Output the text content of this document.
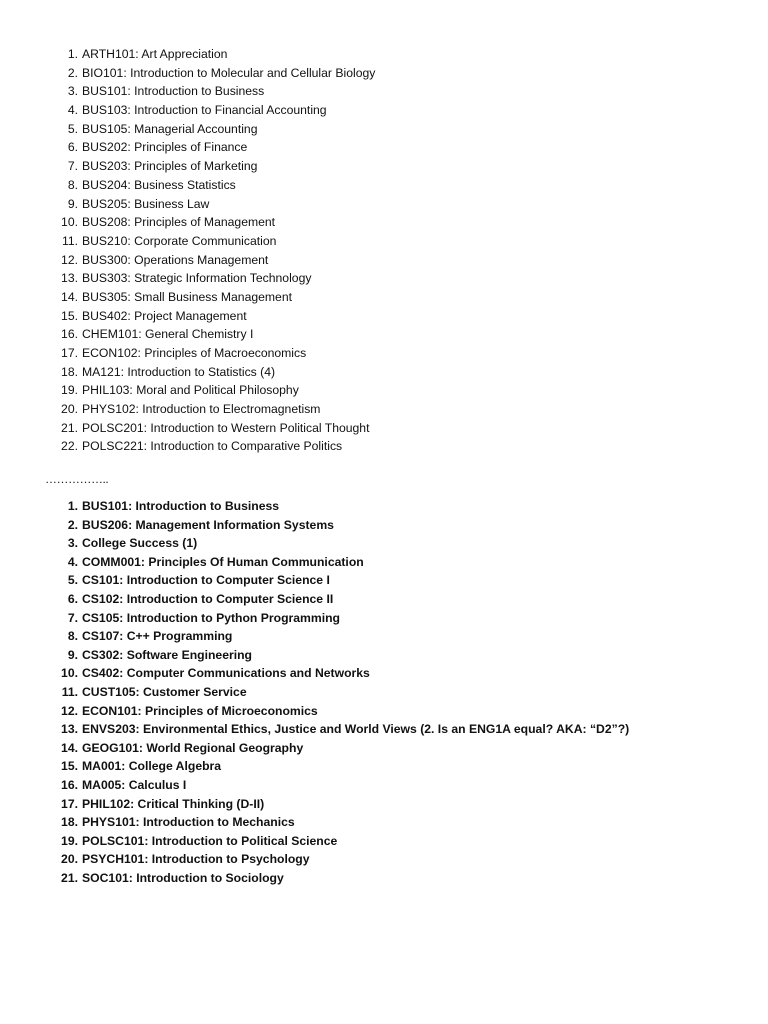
1. ARTH101: Art Appreciation
2. BIO101: Introduction to Molecular and Cellular Biology
3. BUS101: Introduction to Business
4. BUS103: Introduction to Financial Accounting
5. BUS105: Managerial Accounting
6. BUS202: Principles of Finance
7. BUS203: Principles of Marketing
8. BUS204: Business Statistics
9. BUS205: Business Law
10. BUS208: Principles of Management
11. BUS210: Corporate Communication
12. BUS300: Operations Management
13. BUS303: Strategic Information Technology
14. BUS305: Small Business Management
15. BUS402: Project Management
16. CHEM101: General Chemistry I
17. ECON102: Principles of Macroeconomics
18. MA121: Introduction to Statistics (4)
19. PHIL103: Moral and Political Philosophy
20. PHYS102: Introduction to Electromagnetism
21. POLSC201: Introduction to Western Political Thought
22. POLSC221: Introduction to Comparative Politics
……………..
1. BUS101: Introduction to Business
2. BUS206: Management Information Systems
3. College Success (1)
4. COMM001: Principles Of Human Communication
5. CS101: Introduction to Computer Science I
6. CS102: Introduction to Computer Science II
7. CS105: Introduction to Python Programming
8. CS107: C++ Programming
9. CS302: Software Engineering
10. CS402: Computer Communications and Networks
11. CUST105: Customer Service
12. ECON101: Principles of Microeconomics
13. ENVS203: Environmental Ethics, Justice and World Views (2. Is an ENG1A equal? AKA: “D2”?)
14. GEOG101: World Regional Geography
15. MA001: College Algebra
16. MA005: Calculus I
17. PHIL102: Critical Thinking (D-II)
18. PHYS101: Introduction to Mechanics
19. POLSC101: Introduction to Political Science
20. PSYCH101: Introduction to Psychology
21. SOC101: Introduction to Sociology
